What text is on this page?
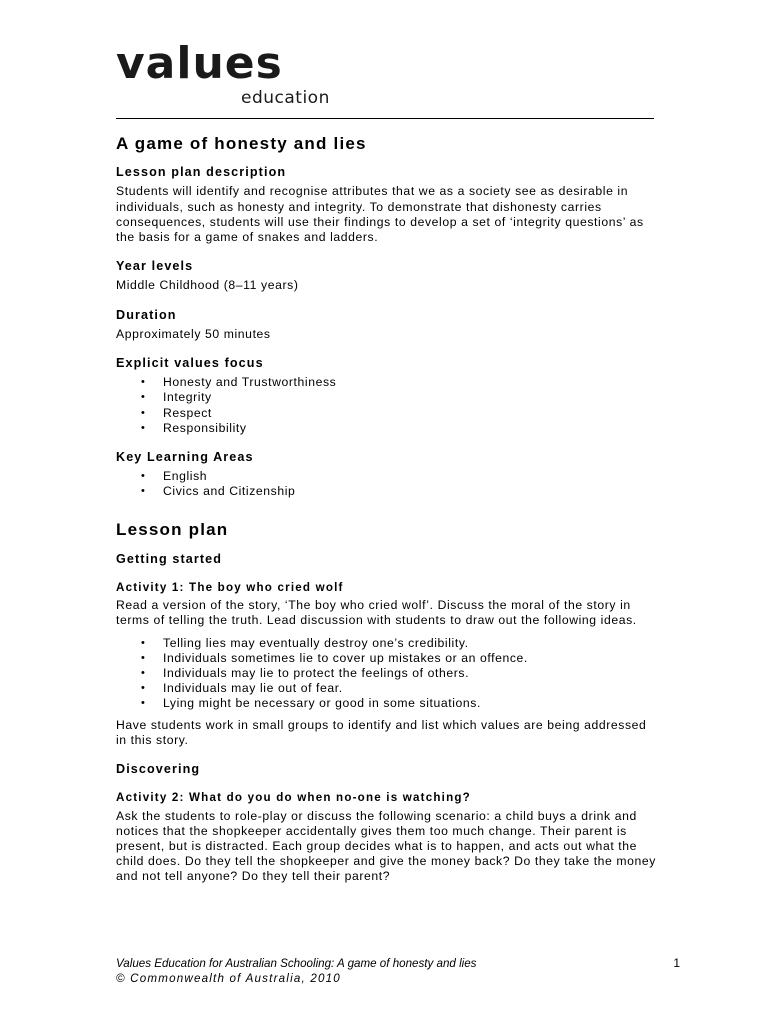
values
education
A game of honesty and lies
Lesson plan description

Students will identify and recognise attributes that we as a society see as desirable in individuals, such as honesty and integrity. To demonstrate that dishonesty carries consequences, students will use their findings to develop a set of ‘integrity questions’ as the basis for a game of snakes and ladders.

Year levels

Middle Childhood (8–11 years)

Duration

Approximately 50 minutes

Explicit values focus
• Honesty and Trustworthiness
• Integrity
• Respect
• Responsibility
Key Learning Areas
• English
• Civics and Citizenship
Lesson plan
Getting started
Activity 1: The boy who cried wolf

Read a version of the story, ‘The boy who cried wolf’. Discuss the moral of the story in terms of telling the truth. Lead discussion with students to draw out the following ideas.

• Telling lies may eventually destroy one’s credibility.
• Individuals sometimes lie to cover up mistakes or an offence.
• Individuals may lie to protect the feelings of others.
• Individuals may lie out of fear.
• Lying might be necessary or good in some situations.

Have students work in small groups to identify and list which values are being addressed in this story.

Discovering
Activity 2: What do you do when no-one is watching?

Ask the students to role-play or discuss the following scenario: a child buys a drink and notices that the shopkeeper accidentally gives them too much change. Their parent is present, but is distracted. Each group decides what is to happen, and acts out what the child does. Do they tell the shopkeeper and give the money back? Do they take the money and not tell anyone? Do they tell their parent?

Values Education for Australian Schooling: A game of honesty and lies
© Commonwealth of Australia, 2010
1
